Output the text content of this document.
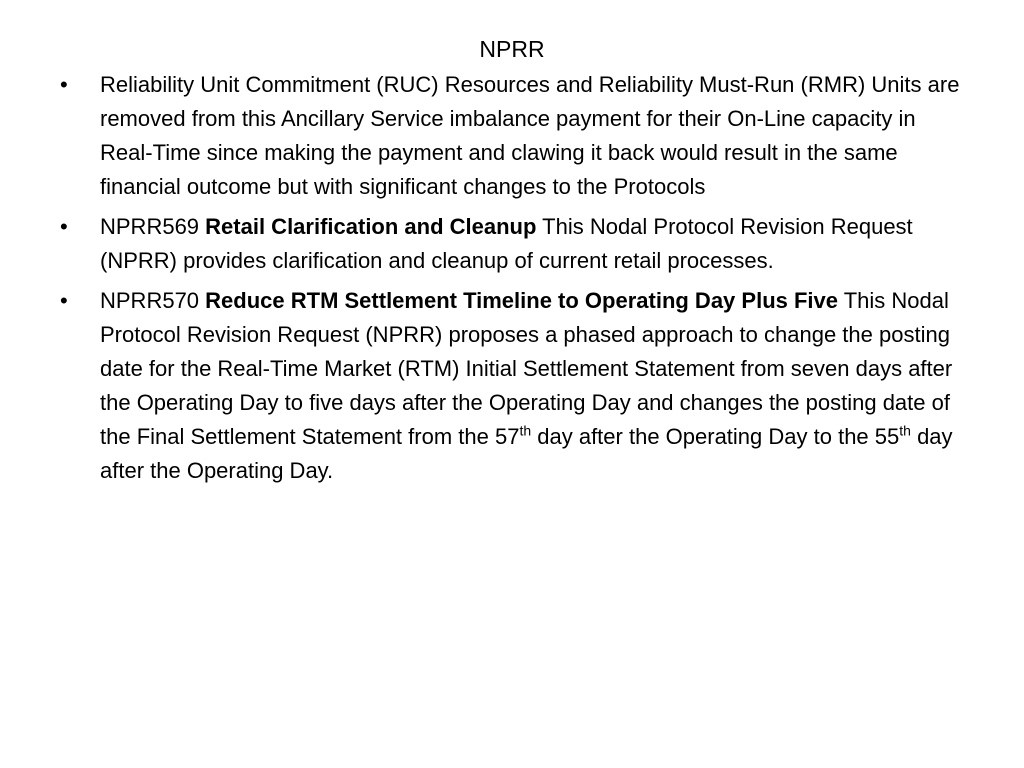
NPRR
• Reliability Unit Commitment (RUC) Resources and Reliability Must-Run (RMR) Units are removed from this Ancillary Service imbalance payment for their On-Line capacity in Real-Time since making the payment and clawing it back would result in the same financial outcome but with significant changes to the Protocols
• NPRR569 Retail Clarification and Cleanup This Nodal Protocol Revision Request (NPRR) provides clarification and cleanup of current retail processes.
• NPRR570 Reduce RTM Settlement Timeline to Operating Day Plus Five This Nodal Protocol Revision Request (NPRR) proposes a phased approach to change the posting date for the Real-Time Market (RTM) Initial Settlement Statement from seven days after the Operating Day to five days after the Operating Day and changes the posting date of the Final Settlement Statement from the 57th day after the Operating Day to the 55th day after the Operating Day.
